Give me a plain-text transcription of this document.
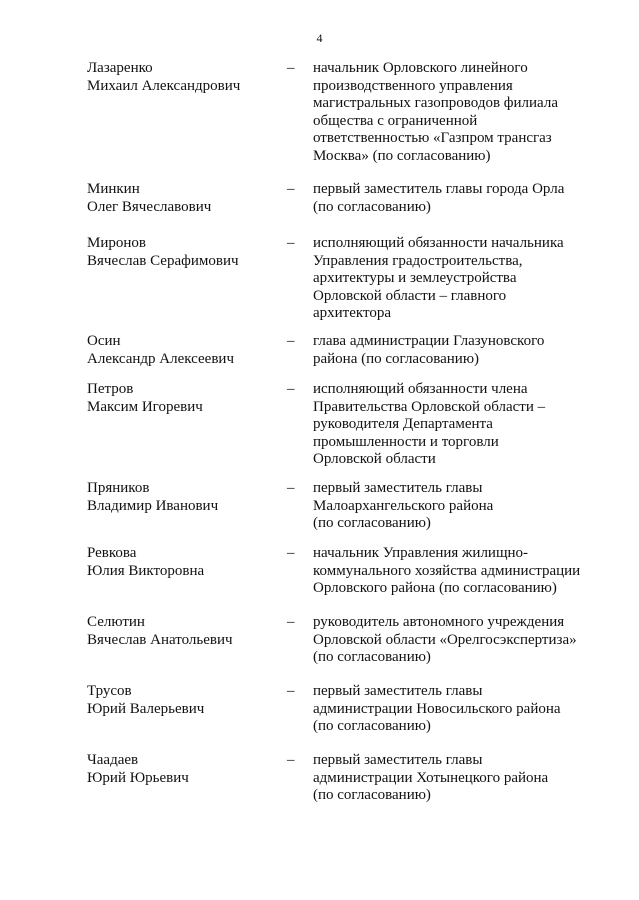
4
Лазаренко
Михаил Александрович
– начальник Орловского линейного
производственного управления
магистральных газопроводов филиала
общества с ограниченной
ответственностью «Газпром трансгаз
Москва» (по согласованию)
Минкин
Олег Вячеславович
– первый заместитель главы города Орла
(по согласованию)
Миронов
Вячеслав Серафимович
– исполняющий обязанности начальника
Управления градостроительства,
архитектуры и землеустройства
Орловской области – главного
архитектора
Осин
Александр Алексеевич
– глава администрации Глазуновского
района (по согласованию)
Петров
Максим Игоревич
– исполняющий обязанности члена
Правительства Орловской области –
руководителя Департамента
промышленности и торговли
Орловской области
Пряников
Владимир Иванович
– первый заместитель главы
Малоархангельского района
(по согласованию)
Ревкова
Юлия Викторовна
– начальник Управления жилищно-
коммунального хозяйства администрации
Орловского района (по согласованию)
Селютин
Вячеслав Анатольевич
– руководитель автономного учреждения
Орловской области «Орелгосэкспертиза»
(по согласованию)
Трусов
Юрий Валерьевич
– первый заместитель главы
администрации Новосильского района
(по согласованию)
Чаадаев
Юрий Юрьевич
– первый заместитель главы
администрации Хотынецкого района
(по согласованию)
